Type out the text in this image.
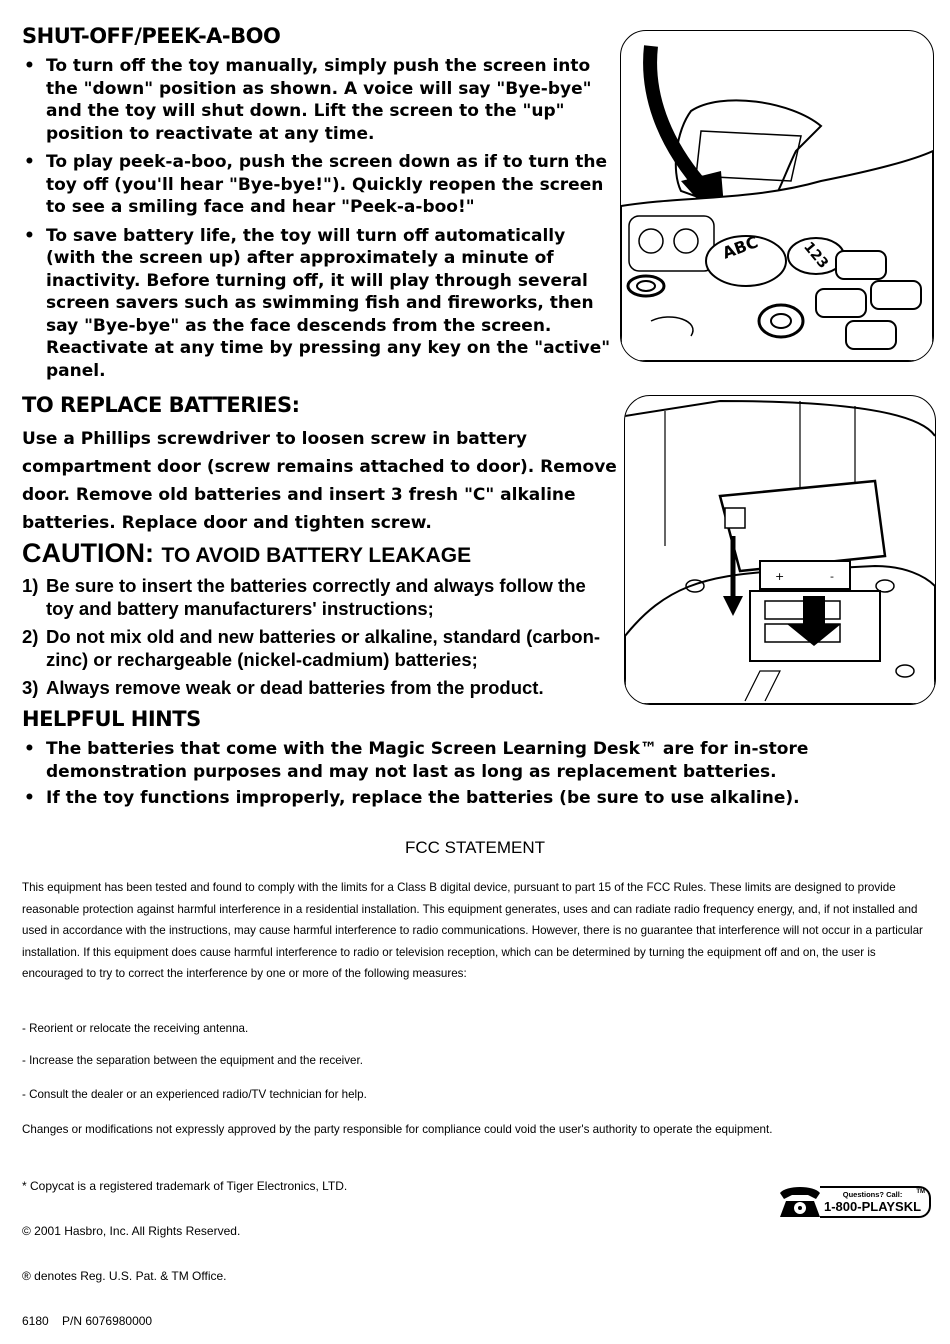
SHUT-OFF/PEEK-A-BOO
• To turn off the toy manually, simply push the screen into the "down" position as shown. A voice will say "Bye-bye" and the toy will shut down. Lift the screen to the "up" position to reactivate at any time.
• To play peek-a-boo, push the screen down as if to turn the toy off (you'll hear "Bye-bye!"). Quickly reopen the screen to see a smiling face and hear "Peek-a-boo!"
• To save battery life, the toy will turn off automatically (with the screen up) after approximately a minute of inactivity. Before turning off, it will play through several screen savers such as swimming fish and fireworks, then say "Bye-bye" as the face descends from the screen. Reactivate at any time by pressing any key on the "active" panel.
ABC	123
TO REPLACE BATTERIES:
Use a Phillips screwdriver to loosen screw in battery compartment door (screw remains attached to door). Remove door. Remove old batteries and insert 3 fresh "C" alkaline batteries. Replace door and tighten screw.
+	-
CAUTION: TO AVOID BATTERY LEAKAGE
1) Be sure to insert the batteries correctly and always follow the toy and battery manufacturers' instructions;
2) Do not mix old and new batteries or alkaline, standard (carbon-zinc) or rechargeable (nickel-cadmium) batteries;
3) Always remove weak or dead batteries from the product.
HELPFUL HINTS
• The batteries that come with the Magic Screen Learning Desk™ are for in-store demonstration purposes and may not last as long as replacement batteries.
• If the toy functions improperly, replace the batteries (be sure to use alkaline).
FCC STATEMENT
This equipment has been tested and found to comply with the limits for a Class B digital device, pursuant to part 15 of the FCC Rules. These limits are designed to provide reasonable protection against harmful interference in a residential installation. This equipment generates, uses and can radiate radio frequency energy, and, if not installed and used in accordance with the instructions, may cause harmful interference to radio communications. However, there is no guarantee that interference will not occur in a particular installation. If this equipment does cause harmful interference to radio or television reception, which can be determined by turning the equipment off and on, the user is encouraged to try to correct the interference by one or more of the following measures:
- Reorient or relocate the receiving antenna.
- Increase the separation between the equipment and the receiver.
- Consult the dealer or an experienced radio/TV technician for help.
Changes or modifications not expressly approved by the party responsible for compliance could void the user's authority to operate the equipment.

* Copycat is a registered trademark of Tiger Electronics, LTD.

© 2001 Hasbro, Inc. All Rights Reserved.

® denotes Reg. U.S. Pat. & TM Office.

6180    P/N 6076980000

Questions? Call: TM
1-800-PLAYSKL
